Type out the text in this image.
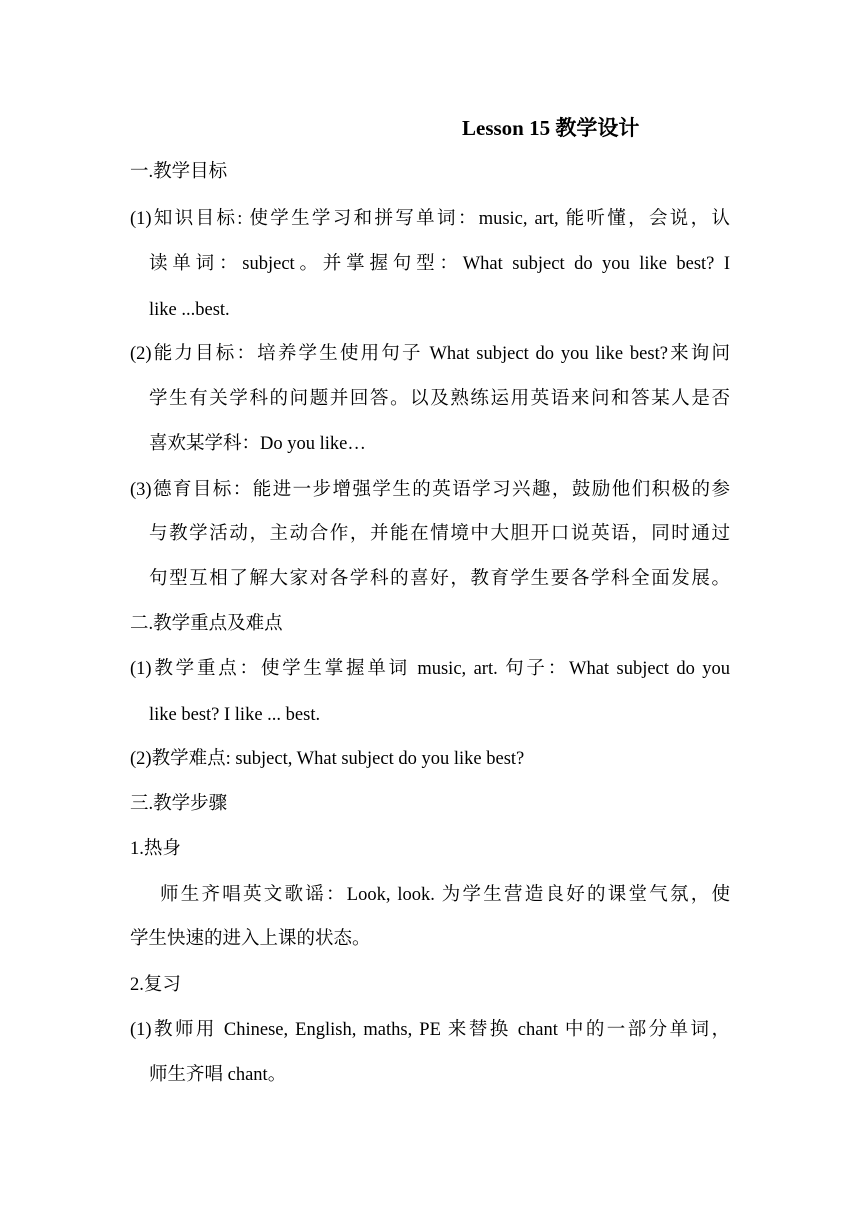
Lesson 15 教学设计
一.教学目标
(1)知识目标: 使学生学习和拼写单词：music, art, 能听懂，会说，认
读单词：subject。并掌握句型：What subject do you like best? I
like ...best.
(2)能力目标：培养学生使用句子 What subject do you like best?来询问
学生有关学科的问题并回答。以及熟练运用英语来问和答某人是否
喜欢某学科：Do you like…
(3)德育目标：能进一步增强学生的英语学习兴趣，鼓励他们积极的参
与教学活动，主动合作，并能在情境中大胆开口说英语，同时通过
句型互相了解大家对各学科的喜好，教育学生要各学科全面发展。
二.教学重点及难点
(1)教学重点：使学生掌握单词 music, art. 句子：What subject do you
like best? I like ... best.
(2)教学难点: subject, What subject do you like best?
三.教学步骤
1.热身
师生齐唱英文歌谣：Look, look. 为学生营造良好的课堂气氛，使
学生快速的进入上课的状态。
2.复习
(1)教师用 Chinese, English, maths, PE 来替换 chant 中的一部分单词，
师生齐唱 chant。
